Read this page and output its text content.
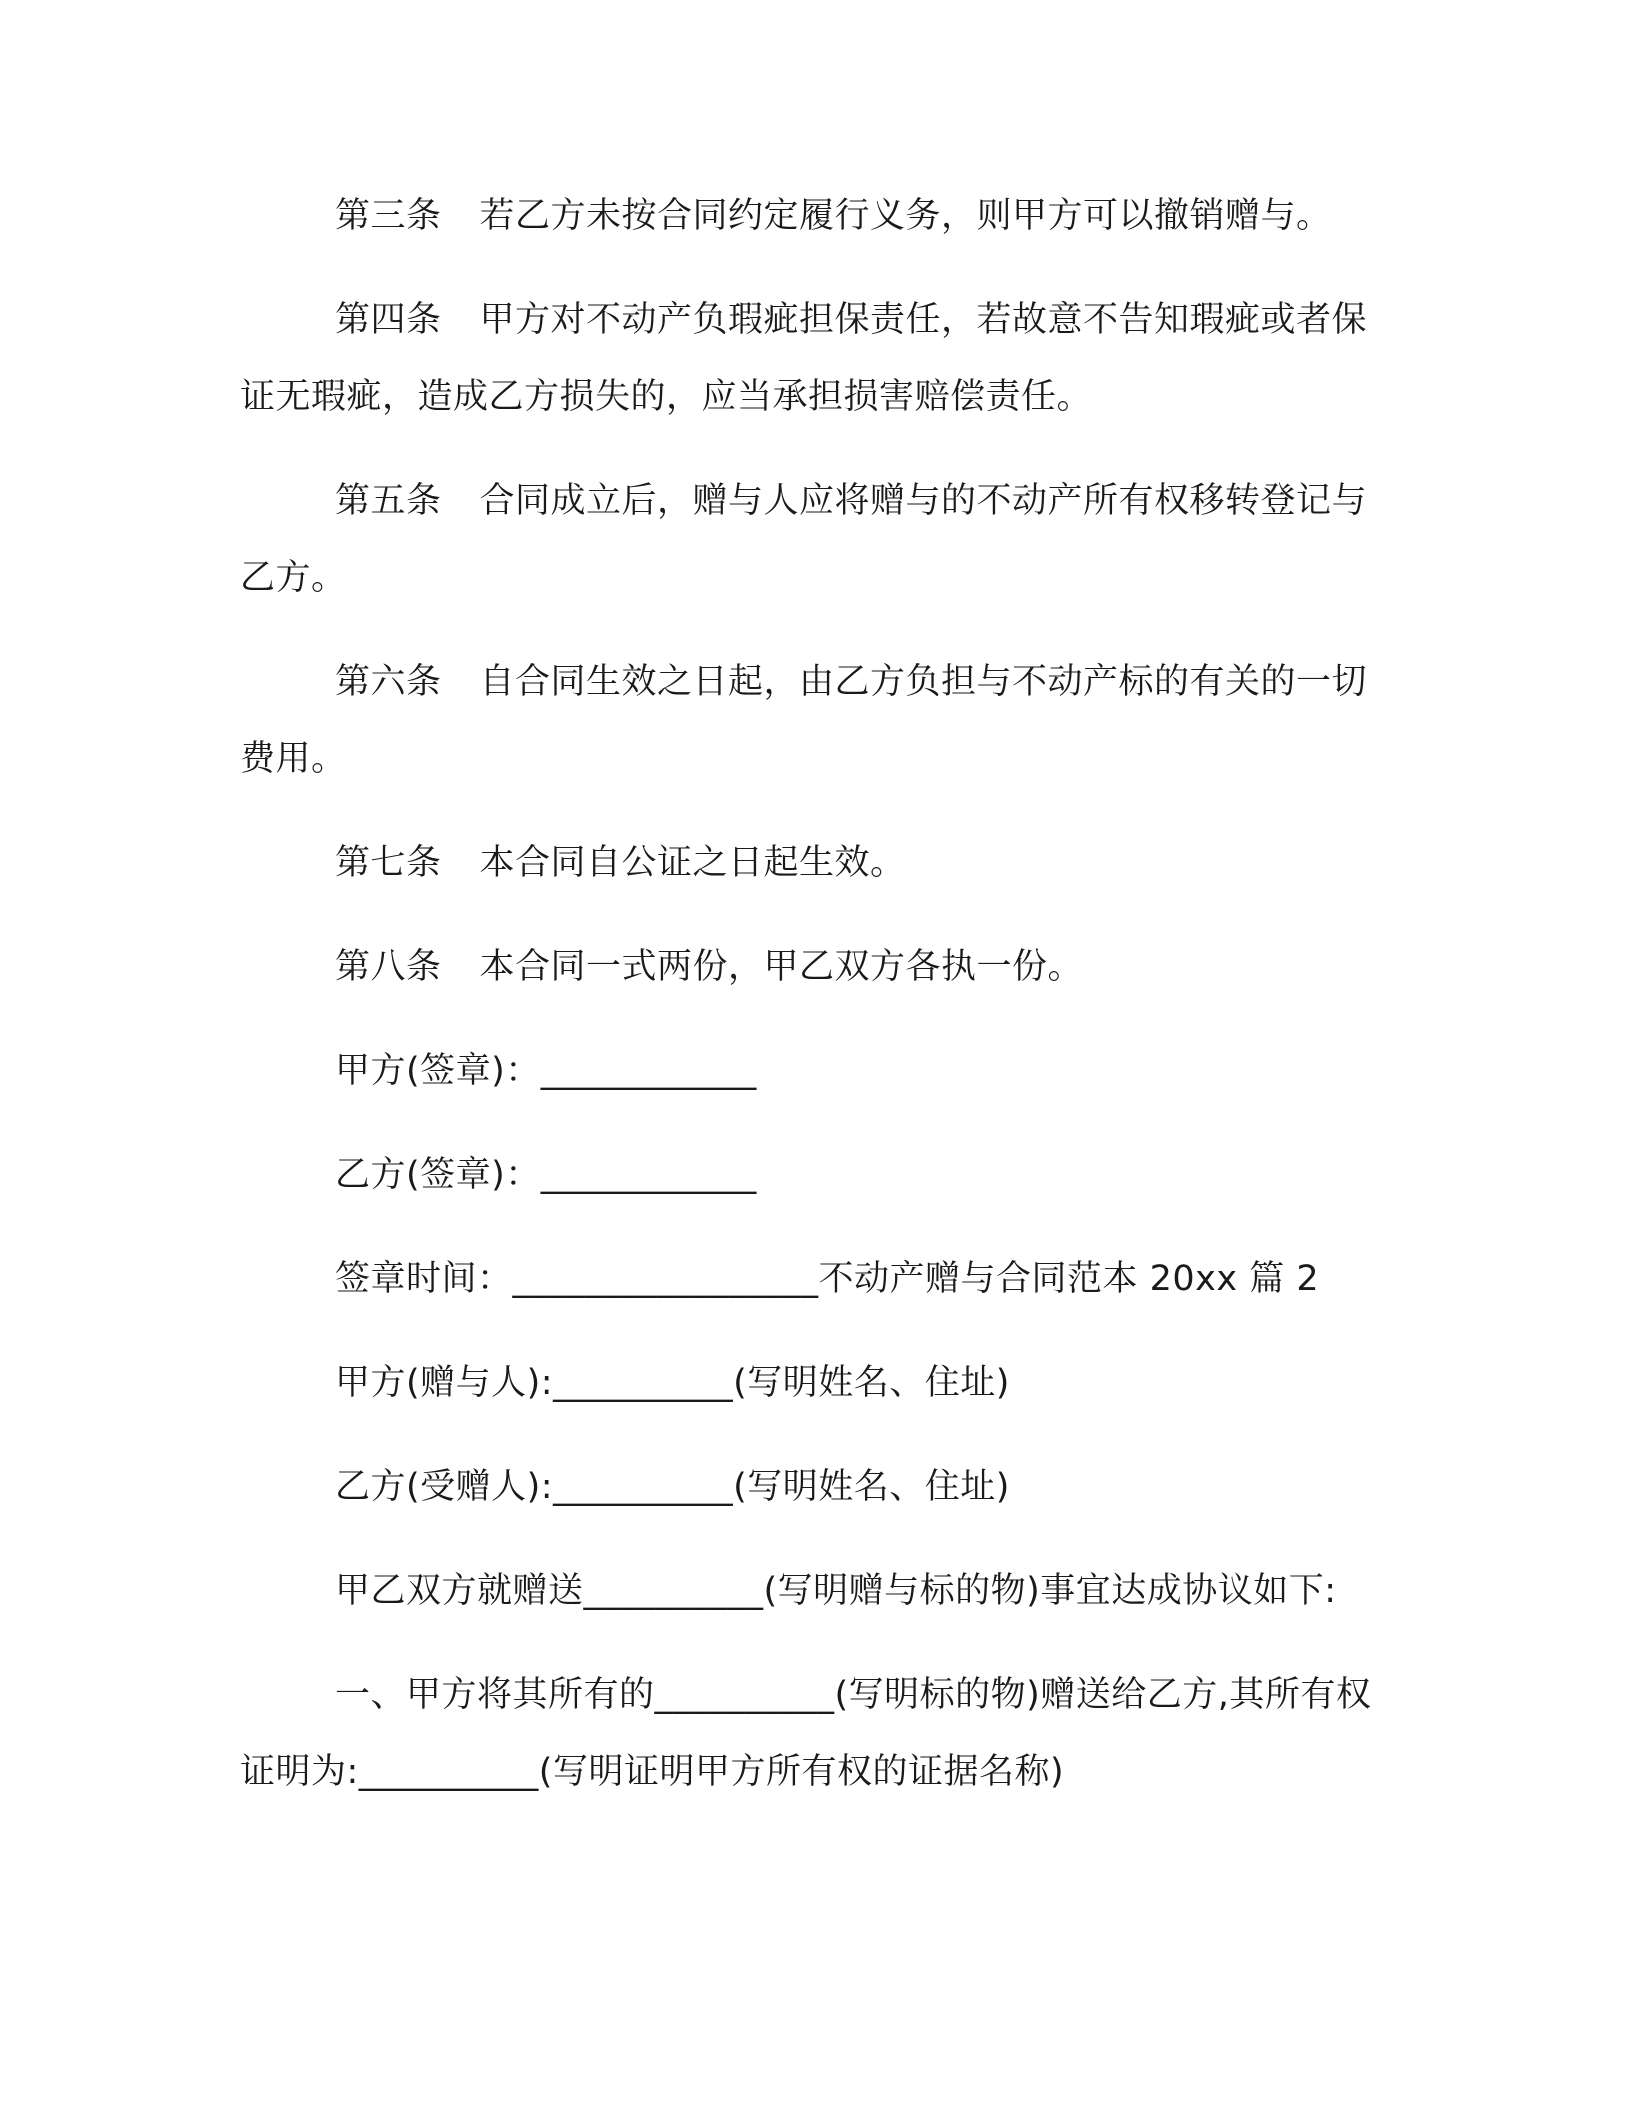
第三条 若乙方未按合同约定履行义务，则甲方可以撤销赠与。

第四条 甲方对不动产负瑕疵担保责任，若故意不告知瑕疵或者保证无瑕疵，造成乙方损失的，应当承担损害赔偿责任。

第五条 合同成立后，赠与人应将赠与的不动产所有权移转登记与乙方。

第六条 自合同生效之日起，由乙方负担与不动产标的有关的一切费用。

第七条 本合同自公证之日起生效。

第八条 本合同一式两份，甲乙双方各执一份。

甲方(签章)：____________

乙方(签章)：____________

签章时间：_________________不动产赠与合同范本 20xx 篇 2

甲方(赠与人):__________(写明姓名、住址)

乙方(受赠人):__________(写明姓名、住址)

甲乙双方就赠送__________(写明赠与标的物)事宜达成协议如下:

一、甲方将其所有的__________(写明标的物)赠送给乙方,其所有权证明为:__________(写明证明甲方所有权的证据名称)
